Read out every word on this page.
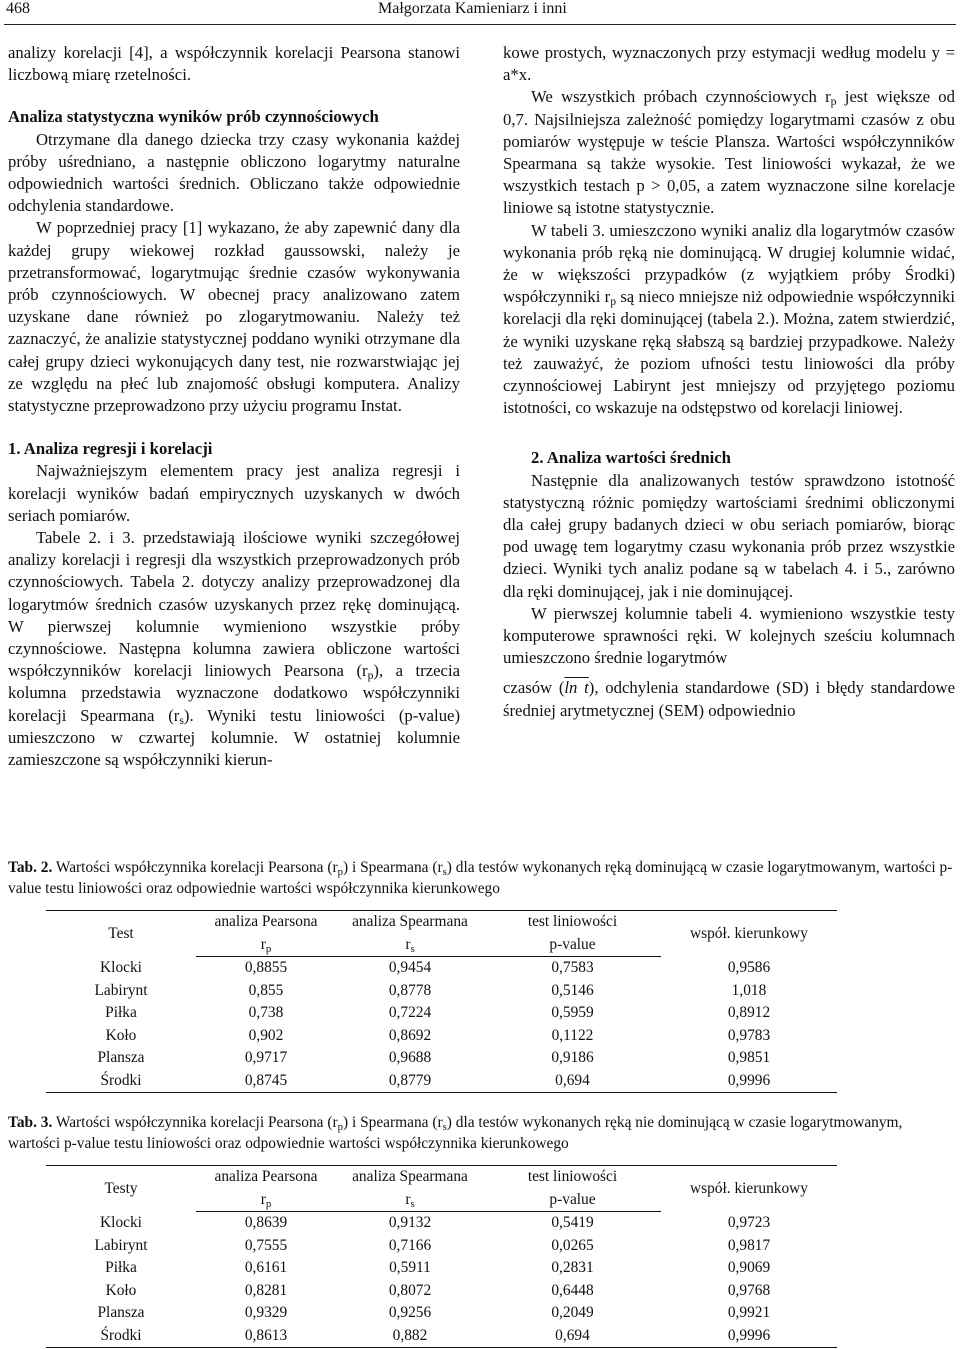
468	Małgorzata Kamieniarz i inni

analizy korelacji [4], a współczynnik korelacji Pearsona stanowi liczbową miarę rzetelności.

Analiza statystyczna wyników prób czynnościowych

Otrzymane dla danego dziecka trzy czasy wykonania każdej próby uśredniano, a następnie obliczono logarytmy naturalne odpowiednich wartości średnich. Obliczano także odpowiednie odchylenia standardowe.

W poprzedniej pracy [1] wykazano, że aby zapewnić dany dla każdej grupy wiekowej rozkład gaussowski, należy je przetransformować, logarytmując średnie czasów wykonywania prób czynnościowych. W obecnej pracy analizowano zatem uzyskane dane również po zlogarytmowaniu. Należy też zaznaczyć, że analizie statystycznej poddano wyniki otrzymane dla całej grupy dzieci wykonujących dany test, nie rozwarstwiając jej ze względu na płeć lub znajomość obsługi komputera. Analizy statystyczne przeprowadzono przy użyciu programu Instat.

1. Analiza regresji i korelacji

Najważniejszym elementem pracy jest analiza regresji i korelacji wyników badań empirycznych uzyskanych w dwóch seriach pomiarów.

Tabele 2. i 3. przedstawiają ilościowe wyniki szczegółowej analizy korelacji i regresji dla wszystkich przeprowadzonych prób czynnościowych. Tabela 2. dotyczy analizy przeprowadzonej dla logarytmów średnich czasów uzyskanych przez rękę dominującą. W pierwszej kolumnie wymieniono wszystkie próby czynnościowe. Następna kolumna zawiera obliczone wartości współczynników korelacji liniowych Pearsona $(r_p)$, a trzecia kolumna przedstawia wyznaczone dodatkowo współczynniki korelacji Spearmana $(r_s)$. Wyniki testu liniowości (p-value) umieszczono w czwartej kolumnie. W ostatniej kolumnie zamieszczone są współczynniki kierun-

kowe prostych, wyznaczonych przy estymacji według modelu y = a*x.

We wszystkich próbach czynnościowych $r_p$ jest większe od 0,7. Najsilniejsza zależność pomiędzy logarytmami czasów z obu pomiarów występuje w teście Plansza. Wartości współczynników Spearmana są także wysokie. Test liniowości wykazał, że we wszystkich testach p > 0,05, a zatem wyznaczone silne korelacje liniowe są istotne statystycznie.

W tabeli 3. umieszczono wyniki analiz dla logarytmów czasów wykonania prób ręką nie dominującą. W drugiej kolumnie widać, że w większości przypadków (z wyjątkiem próby Środki) współczynniki $r_p$ są nieco mniejsze niż odpowiednie współczynniki korelacji dla ręki dominującej (tabela 2.). Można, zatem stwierdzić, że wyniki uzyskane ręką słabszą są bardziej przypadkowe. Należy też zauważyć, że poziom ufności testu liniowości dla próby czynnościowej Labirynt jest mniejszy od przyjętego poziomu istotności, co wskazuje na odstępstwo od korelacji liniowej.

2. Analiza wartości średnich

Następnie dla analizowanych testów sprawdzono istotność statystyczną różnic pomiędzy wartościami średnimi obliczonymi dla całej grupy badanych dzieci w obu seriach pomiarów, biorąc pod uwagę tem logarytmy czasu wykonania prób przez wszystkie dzieci. Wyniki tych analiz podane są w tabelach 4. i 5., zarówno dla ręki dominującej, jak i nie dominującej.

W pierwszej kolumnie tabeli 4. wymieniono wszystkie testy komputerowe sprawności ręki. W kolejnych sześciu kolumnach umieszczono średnie logarytmów

czasów (ln t), odchylenia standardowe (SD) i błędy standardowe średniej arytmetycznej (SEM) odpowiednio

Tab. 2. Wartości współczynnika korelacji Pearsona $(r_p)$ i Spearmana $(r_s)$ dla testów wykonanych ręką dominującą w czasie logarytmowanym, wartości p-value testu liniowości oraz odpowiednie wartości współczynnika kierunkowego
Test	analiza Pearsona	analiza Spearmana	test liniowości	współ. kierunkowy
	$r_p$	$r_s$	p-value	
Klocki	0,8855	0,9454	0,7583	0,9586
Labirynt	0,855	0,8778	0,5146	1,018
Piłka	0,738	0,7224	0,5959	0,8912
Koło	0,902	0,8692	0,1122	0,9783
Plansza	0,9717	0,9688	0,9186	0,9851
Środki	0,8745	0,8779	0,694	0,9996
Tab. 3. Wartości współczynnika korelacji Pearsona $(r_p)$ i Spearmana $(r_s)$ dla testów wykonanych ręką nie dominującą w czasie logarytmowanym, wartości p-value testu liniowości oraz odpowiednie wartości współczynnika kierunkowego
Testy	analiza Pearsona	analiza Spearmana	test liniowości	współ. kierunkowy
	$r_p$	$r_s$	p-value	
Klocki	0,8639	0,9132	0,5419	0,9723
Labirynt	0,7555	0,7166	0,0265	0,9817
Piłka	0,6161	0,5911	0,2831	0,9069
Koło	0,8281	0,8072	0,6448	0,9768
Plansza	0,9329	0,9256	0,2049	0,9921
Środki	0,8613	0,882	0,694	0,9996
